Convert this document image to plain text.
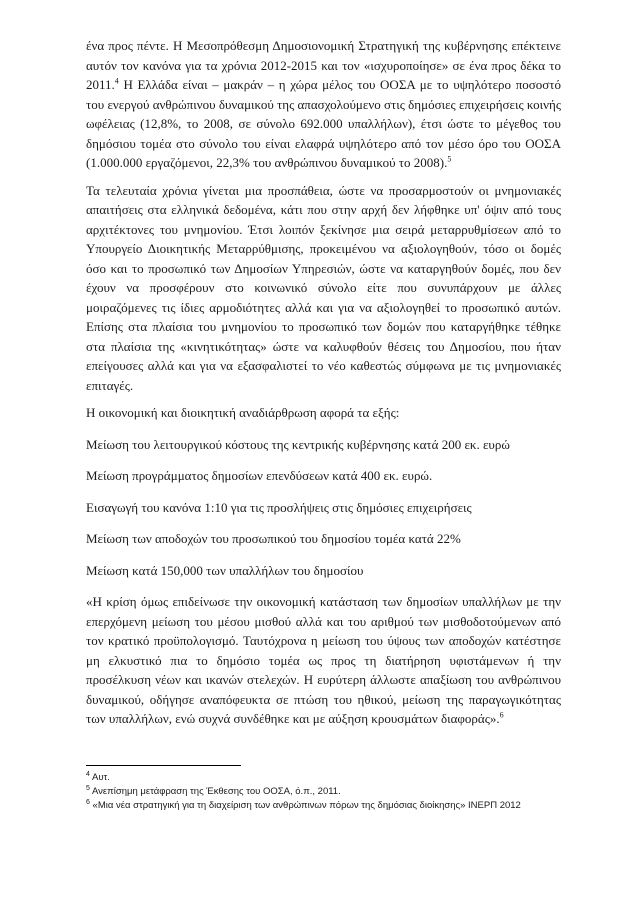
ένα προς πέντε. Η Μεσοπρόθεσμη Δημοσιονομική Στρατηγική της κυβέρνησης επέκτεινε αυτόν τον κανόνα για τα χρόνια 2012-2015 και τον «ισχυροποίησε» σε ένα προς δέκα το 2011.$^4$ Η Ελλάδα είναι – μακράν – η χώρα μέλος του ΟΟΣΑ με το υψηλότερο ποσοστό του ενεργού ανθρώπινου δυναμικού της απασχολούμενο στις δημόσιες επιχειρήσεις κοινής ωφέλειας (12,8%, το 2008, σε σύνολο 692.000 υπαλλήλων), έτσι ώστε το μέγεθος του δημόσιου τομέα στο σύνολο του είναι ελαφρά υψηλότερο από τον μέσο όρο του ΟΟΣΑ (1.000.000 εργαζόμενοι, 22,3% του ανθρώπινου δυναμικού το 2008).$^5$

Τα τελευταία χρόνια γίνεται μια προσπάθεια, ώστε να προσαρμοστούν οι μνημονιακές απαιτήσεις στα ελληνικά δεδομένα, κάτι που στην αρχή δεν λήφθηκε υπ' όψιν από τους αρχιτέκτονες του μνημονίου. Έτσι λοιπόν ξεκίνησε μια σειρά μεταρρυθμίσεων από το Υπουργείο Διοικητικής Μεταρρύθμισης, προκειμένου να αξιολογηθούν, τόσο οι δομές όσο και το προσωπικό των Δημοσίων Υπηρεσιών, ώστε να καταργηθούν δομές, που δεν έχουν να προσφέρουν στο κοινωνικό σύνολο είτε που συνυπάρχουν με άλλες μοιραζόμενες τις ίδιες αρμοδιότητες αλλά και για να αξιολογηθεί το προσωπικό αυτών. Επίσης στα πλαίσια του μνημονίου το προσωπικό των δομών που καταργήθηκε τέθηκε στα πλαίσια της «κινητικότητας» ώστε να καλυφθούν θέσεις του Δημοσίου, που ήταν επείγουσες αλλά και για να εξασφαλιστεί το νέο καθεστώς σύμφωνα με τις μνημονιακές επιταγές.

Η οικονομική και διοικητική αναδιάρθρωση αφορά τα εξής:

Μείωση του λειτουργικού κόστους της κεντρικής κυβέρνησης κατά 200 εκ. ευρώ

Μείωση προγράμματος δημοσίων επενδύσεων κατά 400 εκ. ευρώ.

Εισαγωγή του κανόνα 1:10 για τις προσλήψεις στις δημόσιες επιχειρήσεις

Μείωση των αποδοχών του προσωπικού του δημοσίου τομέα κατά 22%

Μείωση κατά 150,000 των υπαλλήλων του δημοσίου

«Η κρίση όμως επιδείνωσε την οικονομική κατάσταση των δημοσίων υπαλλήλων με την επερχόμενη μείωση του μέσου μισθού αλλά και του αριθμού των μισθοδοτούμενων από τον κρατικό προϋπολογισμό. Ταυτόχρονα η μείωση του ύψους των αποδοχών κατέστησε μη ελκυστικό πια το δημόσιο τομέα ως προς τη διατήρηση υφιστάμενων ή την προσέλκυση νέων και ικανών στελεχών. Η ευρύτερη άλλωστε απαξίωση του ανθρώπινου δυναμικού, οδήγησε αναπόφευκτα σε πτώση του ηθικού, μείωση της παραγωγικότητας των υπαλλήλων, ενώ συχνά συνδέθηκε και με αύξηση κρουσμάτων διαφοράς».$^6$

$^4$ Αυτ.

$^5$ Ανεπίσημη μετάφραση της Έκθεσης του ΟΟΣΑ, ό.π., 2011.

$^6$ «Μια νέα στρατηγική για τη διαχείριση των ανθρώπινων πόρων της δημόσιας διοίκησης» ΙΝΕΡΠ 2012
